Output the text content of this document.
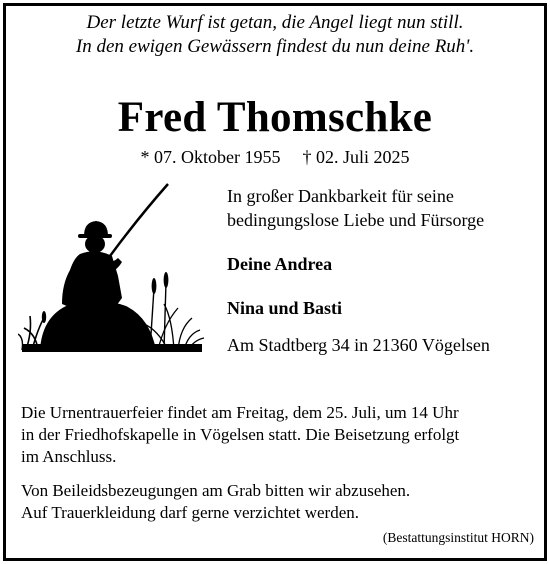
Der letzte Wurf ist getan, die Angel liegt nun still.
In den ewigen Gewässern findest du nun deine Ruh'.
Fred Thomschke
* 07. Oktober 1955 † 02. Juli 2025
In großer Dankbarkeit für seine
bedingungslose Liebe und Fürsorge
Deine Andrea
Nina und Basti
Am Stadtberg 34 in 21360 Vögelsen
Die Urnentrauerfeier findet am Freitag, dem 25. Juli, um 14 Uhr
in der Friedhofskapelle in Vögelsen statt. Die Beisetzung erfolgt
im Anschluss.
Von Beileidsbezeugungen am Grab bitten wir abzusehen.
Auf Trauerkleidung darf gerne verzichtet werden.
(Bestattungsinstitut HORN)
